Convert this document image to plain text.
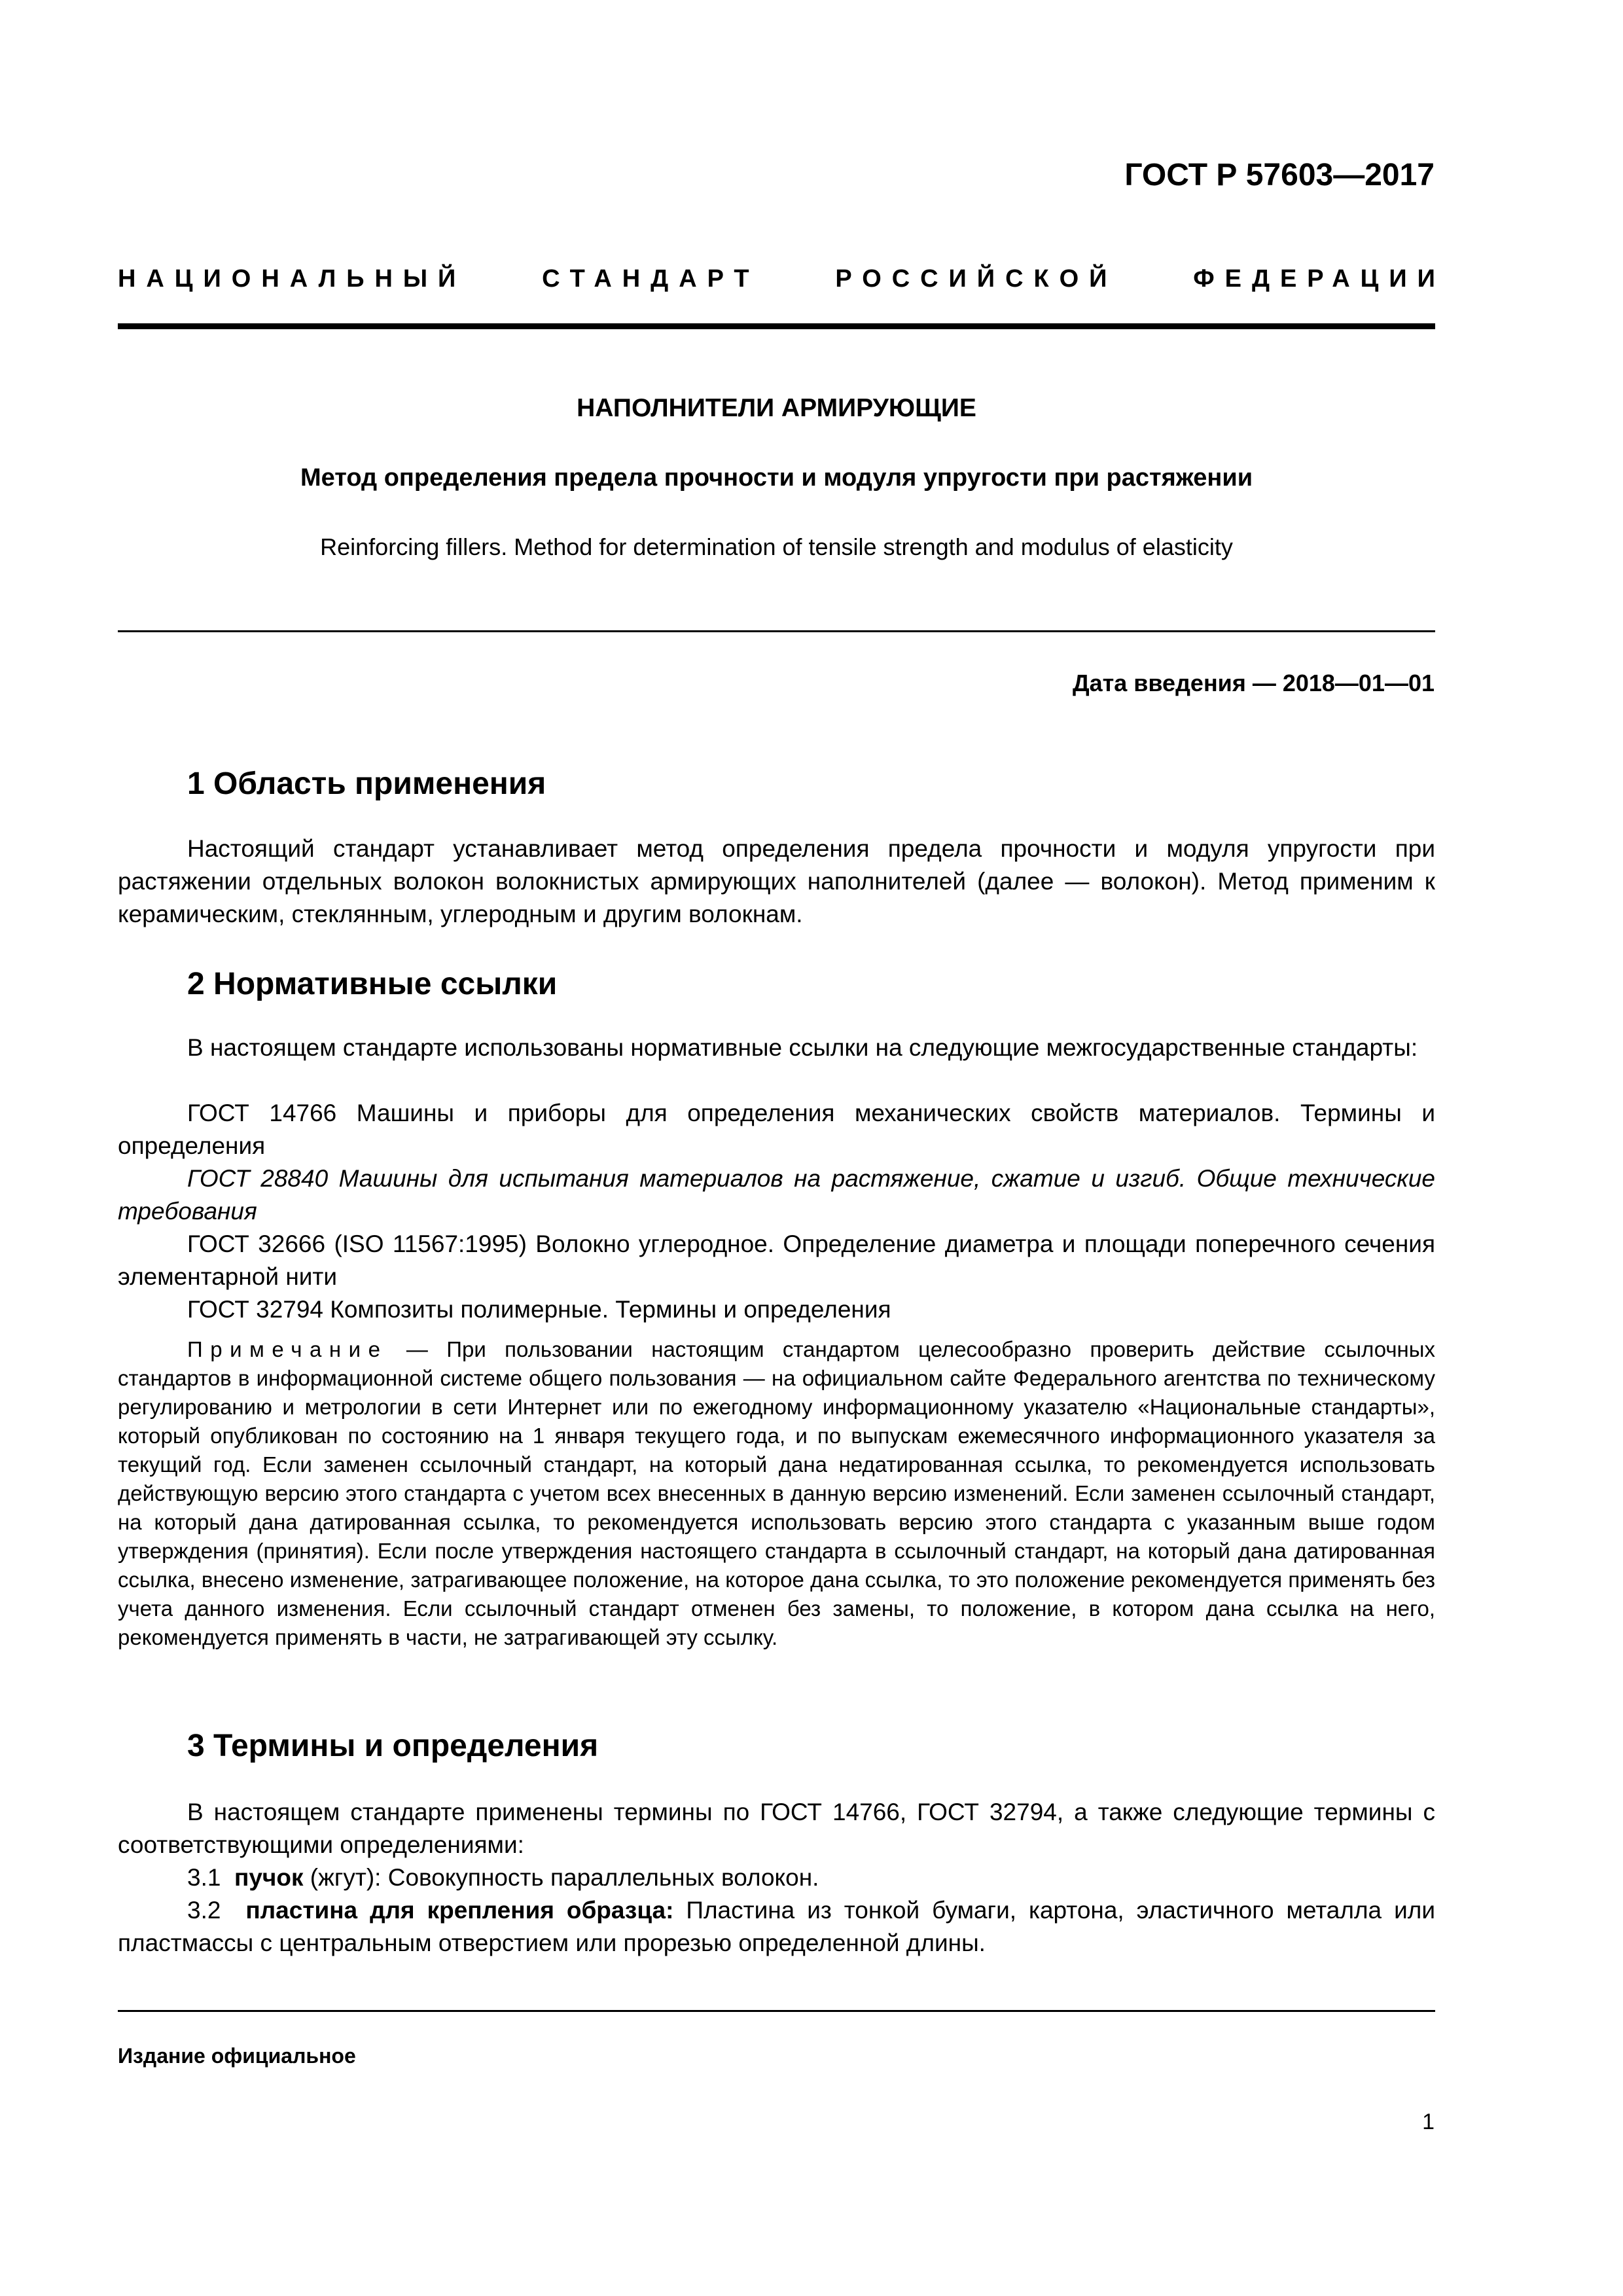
ГОСТ Р 57603—2017
НАЦИОНАЛЬНЫЙ	СТАНДАРТ	РОССИЙСКОЙ	ФЕДЕРАЦИИ
НАПОЛНИТЕЛИ АРМИРУЮЩИЕ
Метод определения предела прочности и модуля упругости при растяжении
Reinforcing fillers. Method for determination of tensile strength and modulus of elasticity
Дата введения — 2018—01—01
1 Область применения
Настоящий стандарт устанавливает метод определения предела прочности и модуля упругости при растяжении отдельных волокон волокнистых армирующих наполнителей (далее — волокон). Метод применим к керамическим, стеклянным, углеродным и другим волокнам.
2 Нормативные ссылки
В настоящем стандарте использованы нормативные ссылки на следующие межгосударственные стандарты:
ГОСТ 14766 Машины и приборы для определения механических свойств материалов. Термины и определения
ГОСТ 28840 Машины для испытания материалов на растяжение, сжатие и изгиб. Общие технические требования
ГОСТ 32666 (ISO 11567:1995) Волокно углеродное. Определение диаметра и площади поперечного сечения элементарной нити
ГОСТ 32794 Композиты полимерные. Термины и определения
Примечание — При пользовании настоящим стандартом целесообразно проверить действие ссылочных стандартов в информационной системе общего пользования — на официальном сайте Федерального агентства по техническому регулированию и метрологии в сети Интернет или по ежегодному информационному указателю «Национальные стандарты», который опубликован по состоянию на 1 января текущего года, и по выпускам ежемесячного информационного указателя за текущий год. Если заменен ссылочный стандарт, на который дана недатированная ссылка, то рекомендуется использовать действующую версию этого стандарта с учетом всех внесенных в данную версию изменений. Если заменен ссылочный стандарт, на который дана датированная ссылка, то рекомендуется использовать версию этого стандарта с указанным выше годом утверждения (принятия). Если после утверждения настоящего стандарта в ссылочный стандарт, на который дана датированная ссылка, внесено изменение, затрагивающее положение, на которое дана ссылка, то это положение рекомендуется применять без учета данного изменения. Если ссылочный стандарт отменен без замены, то положение, в котором дана ссылка на него, рекомендуется применять в части, не затрагивающей эту ссылку.
3 Термины и определения
В настоящем стандарте применены термины по ГОСТ 14766, ГОСТ 32794, а также следующие термины с соответствующими определениями:
3.1 пучок (жгут): Совокупность параллельных волокон.
3.2 пластина для крепления образца: Пластина из тонкой бумаги, картона, эластичного металла или пластмассы с центральным отверстием или прорезью определенной длины.
Издание официальное
1
